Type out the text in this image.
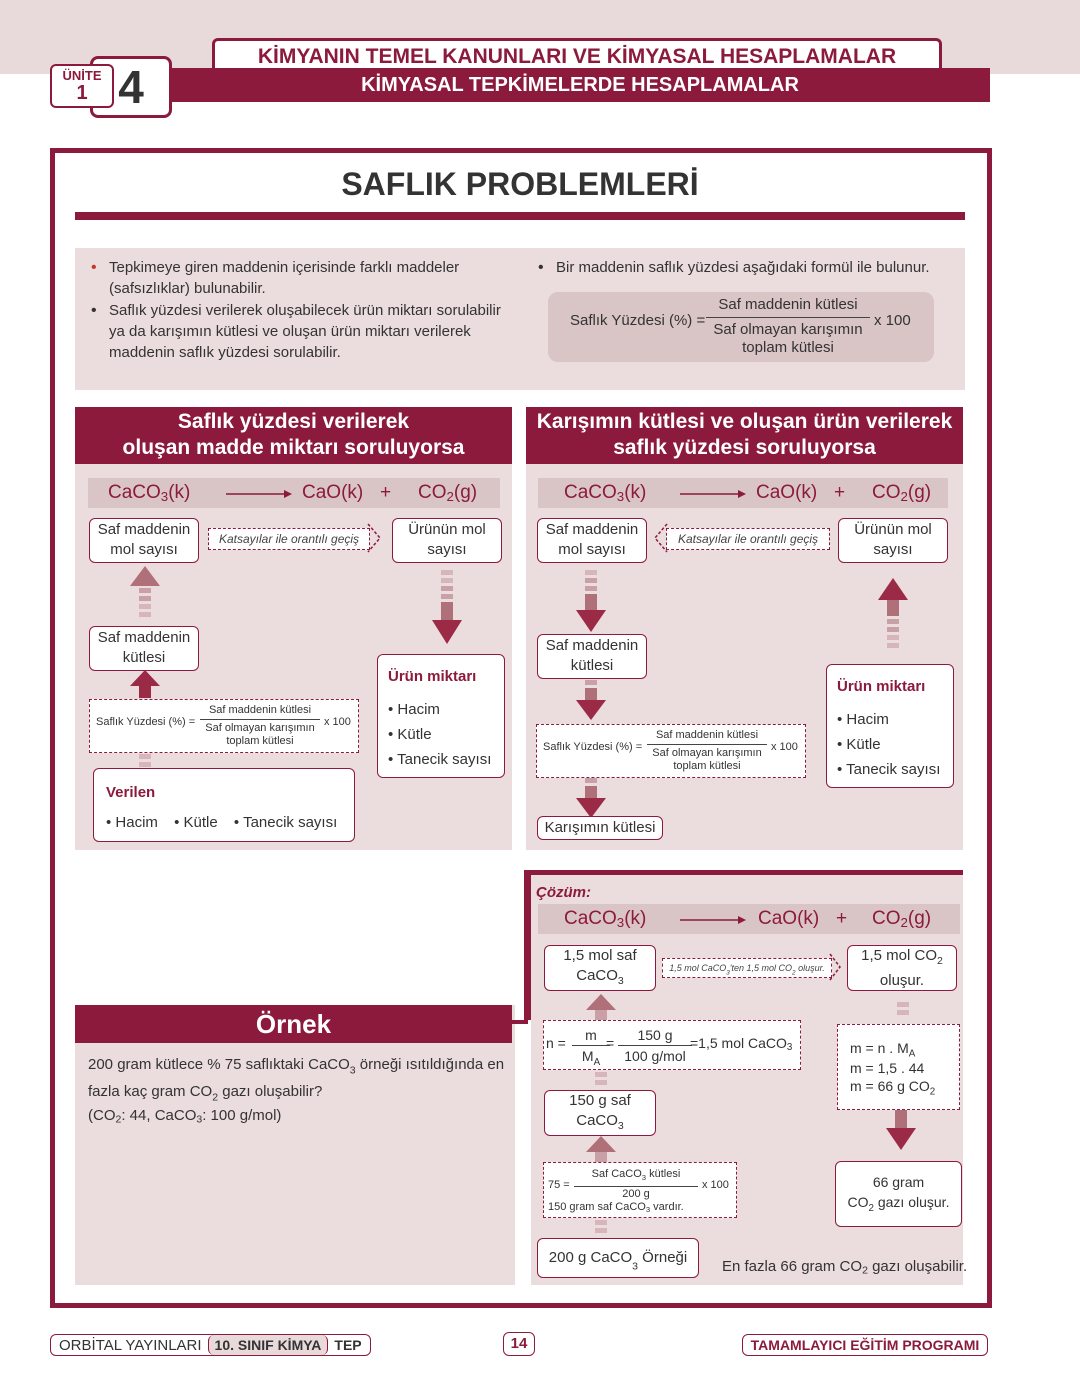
KİMYANIN TEMEL KANUNLARI VE KİMYASAL HESAPLAMALAR
KİMYASAL TEPKİMELERDE HESAPLAMALAR
4
ÜNİTE
1
SAFLIK PROBLEMLERİ
• Tepkimeye giren maddenin içerisinde farklı maddeler (safsızlıklar) bulunabilir.
• Saflık yüzdesi verilerek oluşabilecek ürün miktarı sorulabilir ya da karışımın kütlesi ve oluşan ürün miktarı verilerek maddenin saflık yüzdesi sorulabilir.
• Bir maddenin saflık yüzdesi aşağıdaki formül ile bulunur.
Saflık Yüzdesi (%) =
Saf maddenin kütlesi
Saf olmayan karışımın
toplam kütlesi
x 100
Saflık yüzdesi verilerek
oluşan madde miktarı soruluyorsa
CaCO$_3$(k) → $CaO(k) + CO_2(g)$
Saf maddenin mol sayısı
Katsayılar ile orantılı geçiş
Ürünün mol sayısı
Saf maddenin kütlesi
Saflık Yüzdesi (%) =
Saf maddenin kütlesi
Saf olmayan karışımın
toplam kütlesi
x 100
Verilen
• Hacim • Kütle • Tanecik sayısı
Ürün miktarı
• Hacim
• Kütle
• Tanecik sayısı
Karışımın kütlesi ve oluşan ürün verilerek
saflık yüzdesi soruluyorsa
CaCO$_3$(k) → $CaO(k) + CO_2(g)$
Saf maddenin mol sayısı
Katsayılar ile orantılı geçiş
Ürünün mol sayısı
Saf maddenin kütlesi
Saflık Yüzdesi (%) =
Saf maddenin kütlesi
Saf olmayan karışımın
toplam kütlesi
x 100
Karışımın kütlesi
Ürün miktarı
• Hacim
• Kütle
• Tanecik sayısı
Örnek
200 gram kütlece % 75 saflıktaki CaCO$_3$ örneği ısıtıldığında en fazla kaç gram $CO_2$ gazı oluşabilir?
($CO_2$: 44, CaCO$_3$: 100 g/mol)
Çözüm:
CaCO$_3$(k) → $CaO(k) + CO_2(g)$
1,5 mol saf
CaCO$_3$
1,5 mol CaCO$_3$'ten 1,5 mol $CO_2$ oluşur.
1,5 mol $CO_2$
oluşur.
n =	m
$M_A$
=	150 g
100 g/mol
=1,5 mol CaCO$_3$	m = n . $M_A$
m = 1,5 . 44
m = 66 g $CO_2$
150 g saf
CaCO$_3$
75 =
Saf CaCO$_3$ kütlesi
200 g
x 100
150 gram saf CaCO$_3$ vardır.
200 g CaCO$_3$ Örneği
66 gram
$CO_2$ gazı oluşur.
En fazla 66 gram $CO_2$ gazı oluşabilir.
ORBİTAL YAYINLARI 10. SINIF KİMYA TEP	14	TAMAMLAYICI EĞİTİM PROGRAMI
